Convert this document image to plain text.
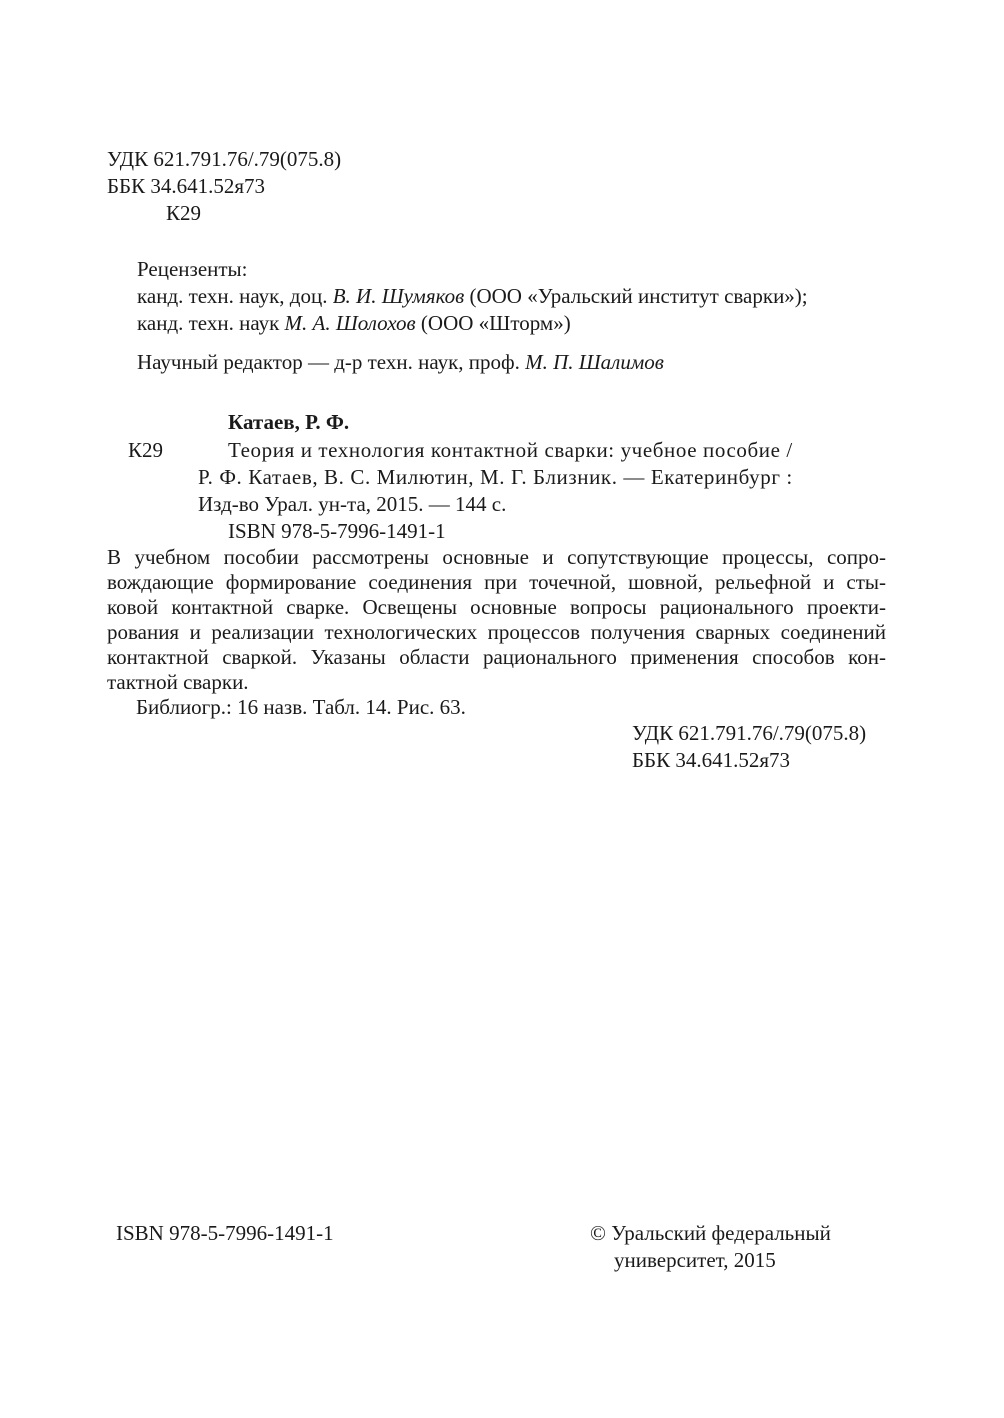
УДК 621.791.76/.79(075.8)
ББК 34.641.52я73
К29
Рецензенты:
канд. техн. наук, доц. В. И. Шумяков (ООО «Уральский институт сварки»);
канд. техн. наук М. А. Шолохов (ООО «Шторм»)
Научный редактор — д-р техн. наук, проф. М. П. Шалимов
Катаев, Р. Ф.
К29	Теория и технология контактной сварки: учебное пособие /
Р. Ф. Катаев, В. С. Милютин, М. Г. Близник. — Екатеринбург :
Изд-во Урал. ун-та, 2015. — 144 с.
ISBN 978-5-7996-1491-1
В учебном пособии рассмотрены основные и сопутствующие процессы, сопро-
вождающие формирование соединения при точечной, шовной, рельефной и сты-
ковой контактной сварке. Освещены основные вопросы рационального проекти-
рования и реализации технологических процессов получения сварных соединений
контактной сваркой. Указаны области рационального применения способов кон-
тактной сварки.
Библиогр.: 16 назв. Табл. 14. Рис. 63.
УДК 621.791.76/.79(075.8)
ББК 34.641.52я73
ISBN 978-5-7996-1491-1	© Уральский федеральный
университет, 2015
